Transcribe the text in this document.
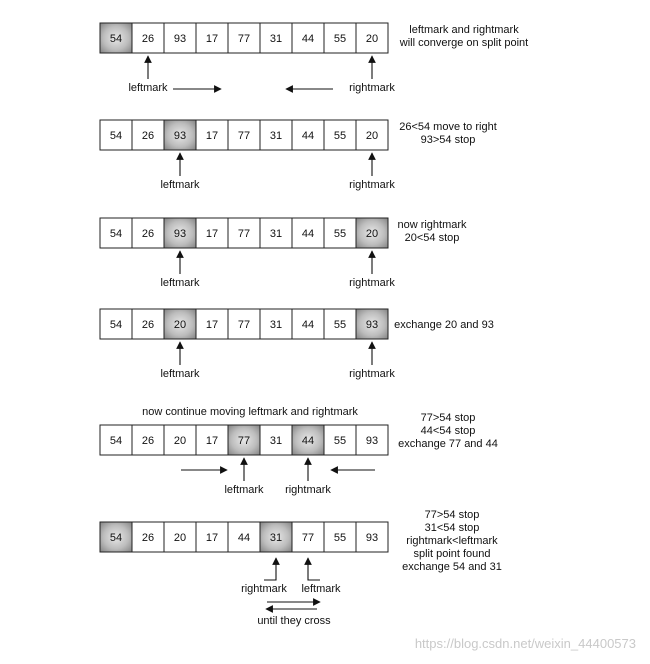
54 26 93 17 77 31 44 55 20
leftmark and rightmark
will converge on split point
leftmark	rightmark
54 26 93 17 77 31 44 55 20
26<54 move to right
93>54 stop
leftmark	rightmark
54 26 93 17 77 31 44 55 20
now rightmark
20<54 stop
leftmark	rightmark
54 26 20 17 77 31 44 55 93 exchange 20 and 93
leftmark	rightmark
now continue moving leftmark and rightmark
54 26 20 17 77 31 44 55 93
77>54 stop
44<54 stop
exchange 77 and 44
leftmark rightmark
54 26 20 17 44 31 77 55 93
77>54 stop
31<54 stop
rightmark<leftmark
split point found
exchange 54 and 31
rightmark leftmark
until they cross
https://blog.csdn.net/weixin_44400573
